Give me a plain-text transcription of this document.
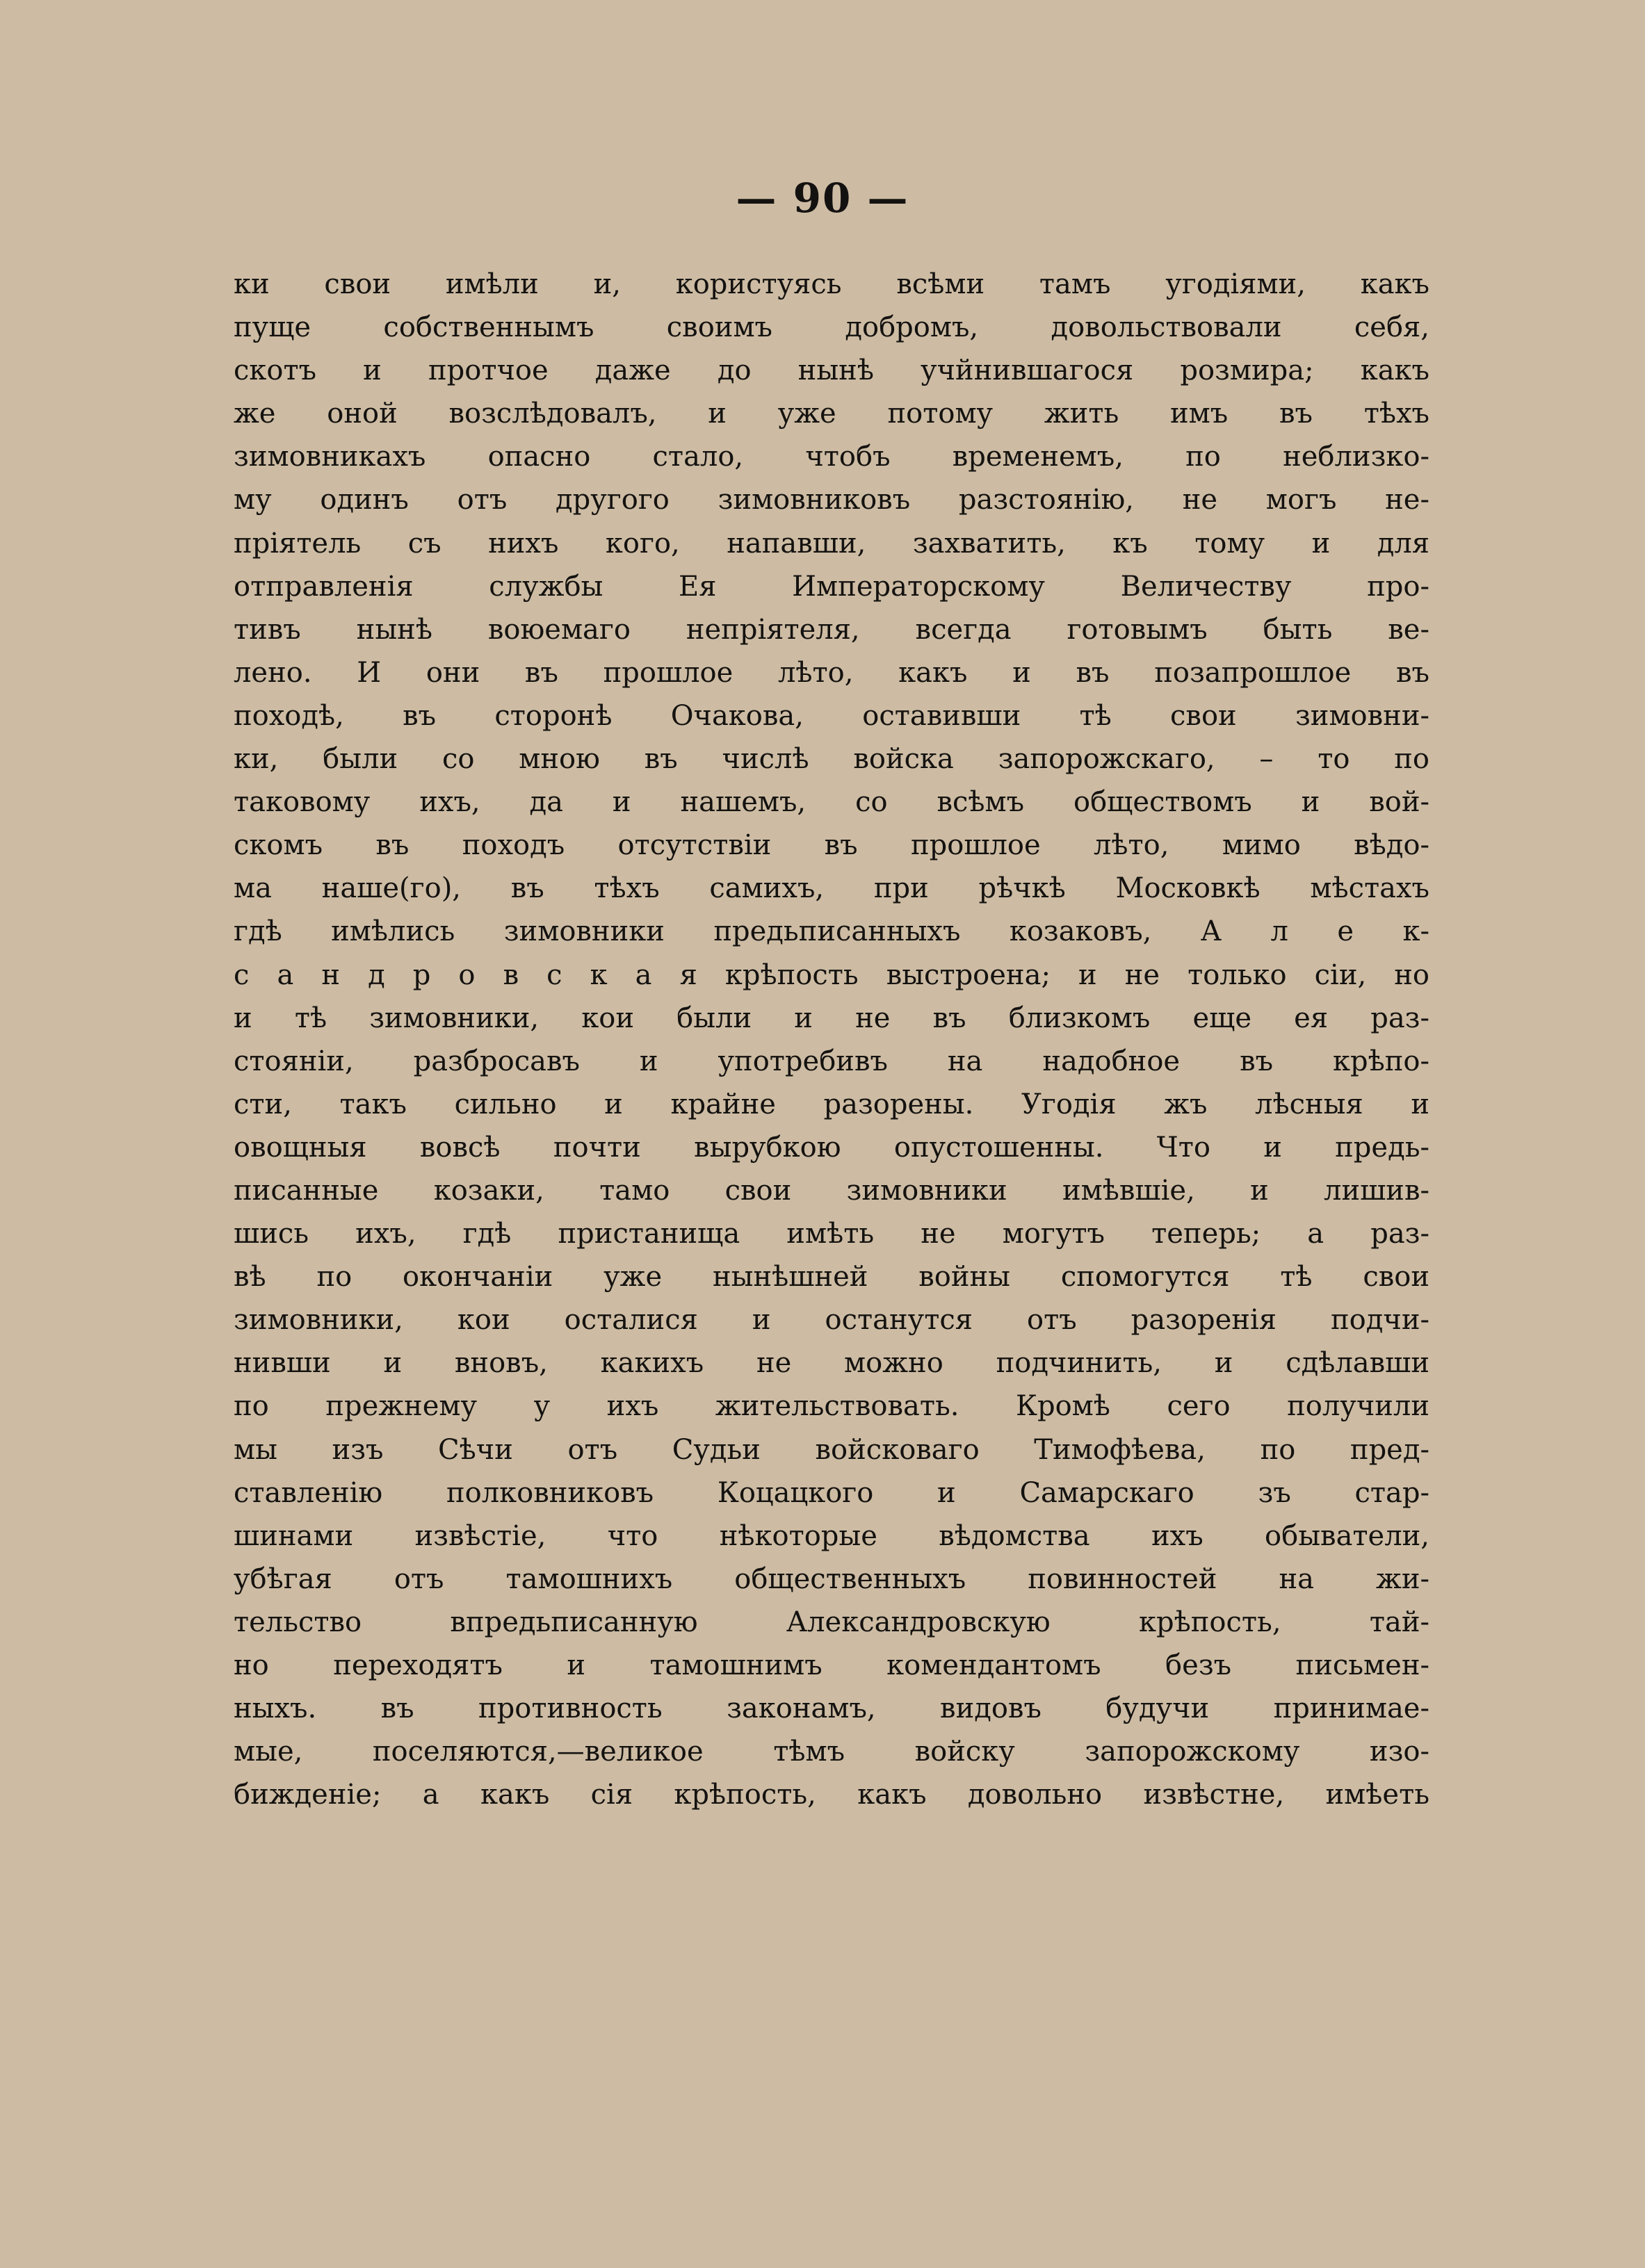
— 90 —
ки свои имѣли и, користуясь всѣми тамъ угодіями, какъ
пуще собственнымъ своимъ добромъ, довольствовали себя,
скотъ и протчое даже до нынѣ учйнившагося розмира; какъ
же оной возслѣдовалъ, и уже потому жить имъ въ тѣхъ
зимовникахъ опасно стало, чтобъ временемъ, по неблизко-
му одинъ отъ другого зимовниковъ разстоянію, не могъ не-
пріятель съ нихъ кого, напавши, захватить, къ тому и для
отправленія службы Ея Императорскому Величеству про-
тивъ нынѣ воюемаго непріятеля, всегда готовымъ быть ве-
лено. И они въ прошлое лѣто, какъ и въ позапрошлое въ
походѣ, въ сторонѣ Очакова, оставивши тѣ свои зимовни-
ки, были со мною въ числѣ войска запорожскаго, – то по
таковому ихъ, да и нашемъ, со всѣмъ обществомъ и вой-
скомъ въ походъ отсутствіи въ прошлое лѣто, мимо вѣдо-
ма наше(го), въ тѣхъ самихъ, при рѣчкѣ Московкѣ мѣстахъ
гдѣ имѣлись зимовники предьписанныхъ козаковъ, А л е к-
с а н д р о в с к а я крѣпость выстроена; и не только сіи, но
и тѣ зимовники, кои были и не въ близкомъ еще ея раз-
стояніи, разбросавъ и употребивъ на надобное въ крѣпо-
сти, такъ сильно и крайне разорены. Угодія жъ лѣсныя и
овощныя вовсѣ почти вырубкою опустошенны. Что и предь-
писанные козаки, тамо свои зимовники имѣвшіе, и лишив-
шись ихъ, гдѣ пристанища имѣть не могутъ теперь; а раз-
вѣ по окончаніи уже нынѣшней войны спомогутся тѣ свои
зимовники, кои осталися и останутся отъ разоренія подчи-
нивши и вновъ, какихъ не можно подчинить, и сдѣлавши
по прежнему у ихъ жительствовать. Кромѣ сего получили
мы изъ Сѣчи отъ Судьи войсковаго Тимофѣева, по пред-
ставленію полковниковъ Коцацкого и Самарскаго зъ стар-
шинами извѣстіе, что нѣкоторые вѣдомства ихъ обыватели,
убѣгая отъ тамошнихъ общественныхъ повинностей на жи-
тельство впредьписанную Александровскую крѣпость, тай-
но переходятъ и тамошнимъ комендантомъ безъ письмен-
ныхъ. въ противность законамъ, видовъ будучи принимае-
мые, поселяются,—великое тѣмъ войску запорожскому изо-
бижденіе; а какъ сія крѣпость, какъ довольно извѣстне, имѣеть
